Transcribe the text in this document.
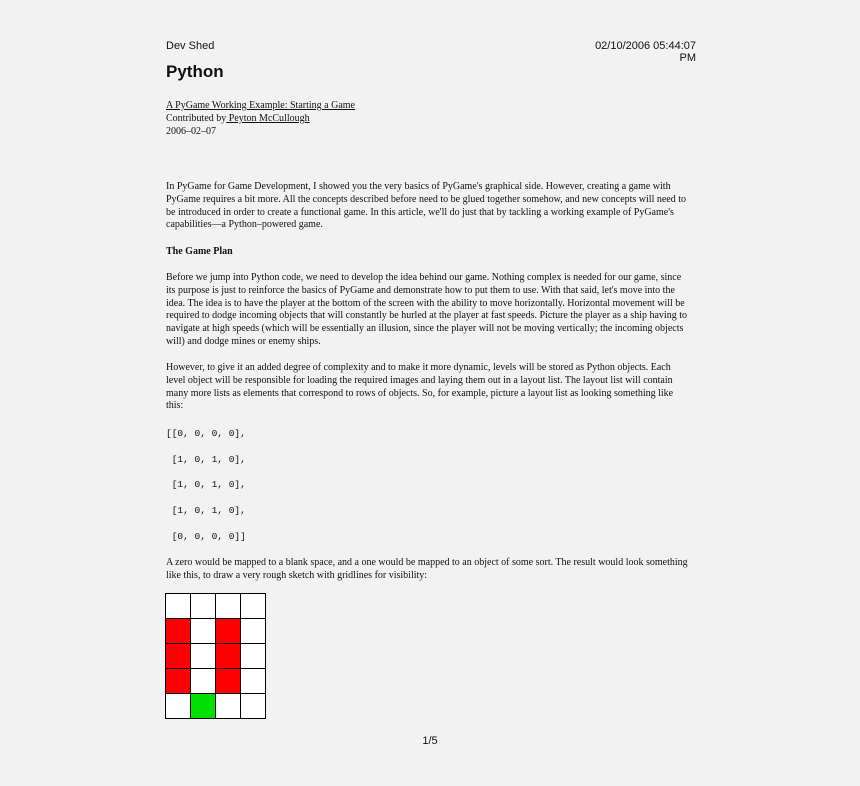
Dev Shed	02/10/2006 05:44:07 PM
Python
A PyGame Working Example: Starting a Game
Contributed by Peyton McCullough
2006–02–07

In PyGame for Game Development, I showed you the very basics of PyGame's graphical side. However, creating a game with PyGame requires a bit more. All the concepts described before need to be glued together somehow, and new concepts will need to be introduced in order to create a functional game. In this article, we'll do just that by tackling a working example of PyGame's capabilities—a Python–powered game.

The Game Plan

Before we jump into Python code, we need to develop the idea behind our game. Nothing complex is needed for our game, since its purpose is just to reinforce the basics of PyGame and demonstrate how to put them to use. With that said, let's move into the idea. The idea is to have the player at the bottom of the screen with the ability to move horizontally. Horizontal movement will be required to dodge incoming objects that will constantly be hurled at the player at fast speeds. Picture the player as a ship having to navigate at high speeds (which will be essentially an illusion, since the player will not be moving vertically; the incoming objects will) and dodge mines or enemy ships.

However, to give it an added degree of complexity and to make it more dynamic, levels will be stored as Python objects. Each level object will be responsible for loading the required images and laying them out in a layout list. The layout list will contain many more lists as elements that correspond to rows of objects. So, for example, picture a layout list as looking something like this:

[[0, 0, 0, 0],
[1, 0, 1, 0],
[1, 0, 1, 0],
[1, 0, 1, 0],
[0, 0, 0, 0]]

A zero would be mapped to a blank space, and a one would be mapped to an object of some sort. The result would look something like this, to draw a very rough sketch with gridlines for visibility:

1/5
